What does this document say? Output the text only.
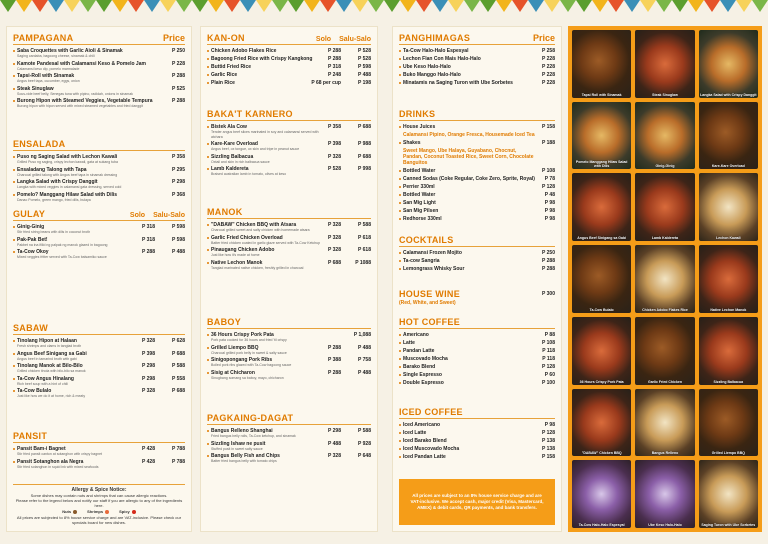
PAMPAGANA	Price
Saba Croquettes with Garlic Aioli & Sinamak
Saging cardaba, bagoong cheese, sinamak & chili
P 250
Kamote Pandesal with Calamansi Keso & Pomelo Jam
Calamansi keso dip, pomelo marmalade
P 228
Tapsi-Roll with Sinamak
Angus beef tapa, cucumber, eggs, onion
P 288
Steak Sinuglaw
Sous-vide beef belly, Senegas tuna with pipino, radidah, onions in sinamak
P 525
Burong Hipon with Steamed Veggies, Vegetable Tempura
Burong hipon with hipon served with mixed steamed vegetables and fried danggit
P 288
ENSALADA
Puso ng Saging Salad with Lechon Kawali
Grilled Puso ng saging, crispy lechon kawali, gata at sukang tuba
P 358
Ensaladang Talong with Tapa
Charcoal grilled talong with Angus beef tapa in sinamak dressing
P 295
Langka Salad with Crispy Danggit
Langka with mixed veggies in calamansi gata dressing, served cold
P 298
Pomelo? Manggang Hilaw Salad with Dilis
Danao Pomelo, green mango, fried dilis, bulaya
P 368
GULAY	Solo Salu-Salo
Ginig-Ginig
Stir fried string beans with dilis in coconut broth
P 318	P 598
Pak-Pak Bet!
Pakbet na ina ifilid ng palpak ng manok glazed in bagoong
P 318	P 598
Ta-Cow Okoy
Mixed veggies fritter served with Ta-Cow balsamiko sauce
P 288	P 488
SABAW
Tinolang Hipon at Halaan
Fresh shrimps and clams in tanglad broth
P 328	P 628
Angus Beef Sinigang sa Gabi
Angus beef in tamarind broth with gabi
P 398	P 688
Tinolang Manok at Bilo-Bilo
Grilled chicken tinola with bilo-bilo sa manok
P 298	P 588
Ta-Cow Angus Hinalang
Rich beef soup with a hint of chili
P 298	P 558
Ta-Cow Bulalo
Just like how we do it at home, rich & meaty
P 328	P 688
PANSIT
Pansit Bam-i Bagnet
Stir fried pansit canton at sotanghon with crispy bagnet
P 428	P 788
Pansit Sotanghon ala Negra
Stir fried sotanghon in squid ink with mixed seafoods
P 428	P 788
Allergy & Spice Notice:
Some dishes may contain nuts and shrimps that can cause allergic reactions.
Please refer to the legend below and notify our staff if you are allergic to any of the ingredients here.
Nuts	Shrimps	Spicy
All prices are subjected to 8% house service charge and are VAT-inclusive. Please check our specials board for new dishes.
KAN-ON	Solo Salu-Salo
Chicken Adobo Flakes Rice	P 288	P 528
Bagoong Fried Rice with Crispy Kangkong	P 288	P 528
Buttid Fried Rice	P 318	P 598
Garlic Rice	P 248	P 488
Plain Rice	P 68 per cup	P 198
BAKA'T KARNERO
Bistek Ala Cow
Tender angus beef slices marinated in soy and calamansi served with atchara
P 358	P 688
Kare-Kare Overload
Angus beef, ox tongue, ox skin and tripe in peanut sauce
P 398	P 988
Sizzling Balbacua
Oxtail and skin in rich balbacua sauce
P 328	P 688
Lamb Kaldereta
Braised australian lamb in tomato, olives at keso
P 528	P 998
MANOK
"DABAW" Chicken BBQ with Atsara
Charcoal grilled sweet and salty chicken with homemade atsara
P 328	P 588
Garlic Fried Chicken Overload
Batter fried chicken coated in garlic glaze served with Ta-Cow Ketchup
P 328	P 618
Pinaugang Chicken Adobo
Just like how it's made at home
P 328	P 618
Native Lechon Manok
Tanglad marinated native chicken, freshly grilled in charcoal
P 688	P 1088
BABOY
36 Hours Crispy Pork Pata
Pork pata cooked for 36 hours and fried 'til crispy
P 1,088
Grilled Liempo BBQ
Charcoal grilled pork belly in sweet & salty sauce
P 288	P 488
Sinigopongang Pork Ribs
Boiled pork ribs glazed with Ta-Cow bagoong sauce
P 388	P 758
Sisig at Chicharon
Sinugbang somang sa baboy, mayo, chicharon
P 288	P 488
PAGKAING-DAGAT
Bangus Relleno Shanghai
Fried bangus belly rolls, Ta-Cow ketchup, and sinamak
P 298	P 588
Sizzling Ishaw ne pusit
Stuffed pusit in sweet salty sauce
P 488	P 928
Bangus Belly Fish and Chips
Batter fried bangus belly with tomato chips
P 328	P 648
PANGHIMAGAS	Price
Ta-Cow Halo-Halo Espesyal	P 258
Lechon Flan Con Mais Halo-Halo	P 228
Ube Keso Halo-Halo	P 228
Buko Manggo Halo-Halo	P 228
Minatamis na Saging Turon with Ube Sorbetes	P 228
DRINKS
House Juices	P 158
Calamansi Pipino, Orange Fresca, Housemade Iced Tea
Shakes	P 188
Sweet Mango, Ube Halaya, Guyabano, Chocnut, Pandan, Coconut Toasted Rice, Sweet Corn, Chocolate Banguitos
Bottled Water	P 108
Canned Sodas (Coke Regular, Coke Zero, Sprite, Royal)	P 78
Perrier 330ml	P 128
Bottled Water	P 48
San Mig Light	P 98
San Mig Pilsen	P 98
Redhorse 330ml	P 98
COCKTAILS
Calamansi Frozen Mojito	P 250
Ta-cow Sangria	P 288
Lemongrass Whisky Sour	P 288
HOUSE WINE	P 300
(Red, White, and Sweet)
HOT COFFEE
Americano	P 88
Latte	P 108
Pandan Latte	P 118
Muscovado Mocha	P 118
Barako Blend	P 128
Single Espresso	P 60
Double Espresso	P 100
ICED COFFEE
Iced Americano	P 98
Iced Latte	P 128
Iced Barako Blend	P 138
Iced Muscovado Mocha	P 138
Iced Pandan Latte	P 158
All prices are subject to an 8% house service charge and are VAT-inclusive. We accept cash, major credit (Visa, Mastercard, AMEX) & debit cards, QR payments, and bank transfers.
Tapsi Roll with Sinamak	Steak Sinuglaw	Langka Salad with Crispy Danggit
Pomelo Manggang Hilaw Salad with Dilis	Ginig-Ginig	Kare-Kare Overload
Angus Beef Sinigang sa Gabi	Lamb Kaldereta	Lechon Kawali
Ta-Cow Bulalo	Chicken Adobo Flakes Rice	Native Lechon Manok
36 Hours Crispy Pork Pata	Garlic Fried Chicken	Sizzling Balbacua
"DABAW" Chicken BBQ	Bangus Relleno	Grilled Liempo BBQ
Ta-Cow Halo-Halo Espesyal	Ube Keso Halo-Halo	Saging Turon with Ube Sorbetes
